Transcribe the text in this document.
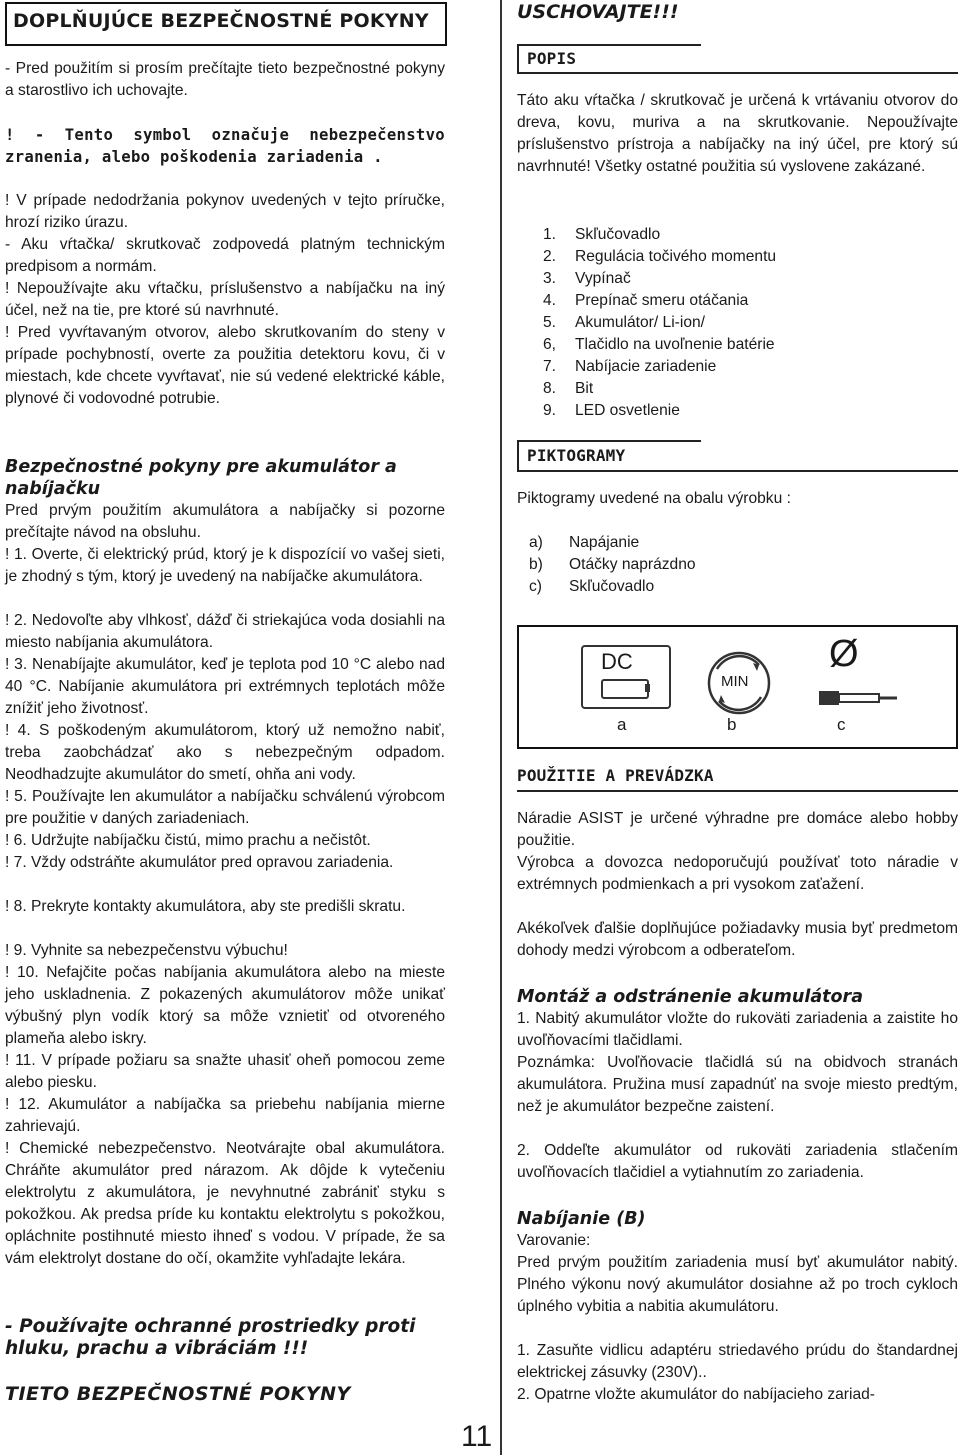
DOPLŇUJÚCE BEZPEČNOSTNÉ POKYNY

- Pred použitím si prosím prečítajte tieto bezpečnostné pokyny a starostlivo ich uchovajte.

! - Tento symbol označuje nebezpečenstvo zranenia, alebo poškodenia zariadenia .

! V prípade nedodržania pokynov uvedených v tejto príručke, hrozí riziko úrazu.

- Aku vŕtačka/ skrutkovač zodpovedá platným technickým predpisom a normám.

! Nepoužívajte aku vŕtačku, príslušenstvo a nabíjačku na iný účel, než na tie, pre ktoré sú navrhnuté.

! Pred vyvŕtavaným otvorov, alebo skrutkovaním do steny v prípade pochybností, overte za použitia detektoru kovu, či v miestach, kde chcete vyvŕtavať, nie sú vedené elektrické káble, plynové či vodovodné potrubie.

Bezpečnostné pokyny pre akumulátor a nabíjačku

Pred prvým použitím akumulátora a nabíjačky si pozorne prečítajte návod na obsluhu.

! 1. Overte, či elektrický prúd, ktorý je k dispozícií vo vašej sieti, je zhodný s tým, ktorý je uvedený na nabíjačke akumulátora.

! 2. Nedovoľte aby vlhkosť, dážď či striekajúca voda dosiahli na miesto nabíjania akumulátora.

! 3. Nenabíjajte akumulátor, keď je teplota pod 10 °C alebo nad 40 °C. Nabíjanie akumulátora pri extrémnych teplotách môže znížiť jeho životnosť.

! 4. S poškodeným akumulátorom, ktorý už nemožno nabiť, treba zaobchádzať ako s nebezpečným odpadom. Neodhadzujte akumulátor do smetí, ohňa ani vody.

! 5. Používajte len akumulátor a nabíjačku schválenú výrobcom pre použitie v daných zariadeniach.

! 6. Udržujte nabíjačku čistú, mimo prachu a nečistôt.

! 7. Vždy odstráňte akumulátor pred opravou zariadenia.

! 8. Prekryte kontakty akumulátora, aby ste predišli skratu.

! 9. Vyhnite sa nebezpečenstvu výbuchu!

! 10. Nefajčite počas nabíjania akumulátora alebo na mieste jeho uskladnenia. Z pokazených akumulátorov môže unikať výbušný plyn vodík ktorý sa môže vznietiť od otvoreného plameňa alebo iskry.

! 11. V prípade požiaru sa snažte uhasiť oheň pomocou zeme alebo piesku.

! 12. Akumulátor a nabíjačka sa priebehu nabíjania mierne zahrievajú.

! Chemické nebezpečenstvo. Neotvárajte obal akumulátora. Chráňte akumulátor pred nárazom. Ak dôjde k vytečeniu elektrolytu z akumulátora, je nevyhnutné zabrániť styku s pokožkou. Ak predsa príde ku kontaktu elektrolytu s pokožkou, opláchnite postihnuté miesto ihneď s vodou. V prípade, že sa vám elektrolyt dostane do očí, okamžite vyhľadajte lekára.

- Používajte ochranné prostriedky proti hluku, prachu a vibráciám !!!

TIETO BEZPEČNOSTNÉ POKYNY

11

USCHOVAJTE!!!

POPIS

Táto aku vŕtačka / skrutkovač je určená k vrtávaniu otvorov do dreva, kovu, muriva a na skrutkovanie. Nepoužívajte príslušenstvo prístroja a nabíjačky na iný účel, pre ktorý sú navrhnuté! Všetky ostatné použitia sú vyslovene zakázané.

1. Skľučovadlo
2. Regulácia točivého momentu
3. Vypínač
4. Prepínač smeru otáčania
5. Akumulátor/ Li-ion/
6, Tlačidlo na uvoľnenie batérie
7. Nabíjacie zariadenie
8. Bit
9. LED osvetlenie
PIKTOGRAMY

Piktogramy uvedené na obalu výrobku :

a) Napájanie
b) Otáčky naprázdno
c) Skľučovadlo
DC
MIN
Ø
a	b	c

POUŽITIE A PREVÁDZKA

Náradie ASIST je určené výhradne pre domáce alebo hobby použitie.

Výrobca a dovozca nedoporučujú používať toto náradie v extrémnych podmienkach a pri vysokom zaťažení.

Akékoľvek ďalšie doplňujúce požiadavky musia byť predmetom dohody medzi výrobcom a odberateľom.

Montáž a odstránenie akumulátora

1. Nabitý akumulátor vložte do rukoväti zariadenia a zaistite ho uvoľňovacími tlačidlami.

Poznámka: Uvoľňovacie tlačidlá sú na obidvoch stranách akumulátora. Pružina musí zapadnúť na svoje miesto predtým, než je akumulátor bezpečne zaistení.

2. Oddeľte akumulátor od rukoväti zariadenia stlačením uvoľňovacích tlačidiel a vytiahnutím zo zariadenia.

Nabíjanie (B)

Varovanie:

Pred prvým použitím zariadenia musí byť akumulátor nabitý. Plného výkonu nový akumulátor dosiahne až po troch cykloch úplného vybitia a nabitia akumulátoru.

1. Zasuňte vidlicu adaptéru striedavého prúdu do štandardnej elektrickej zásuvky (230V)..

2. Opatrne vložte akumulátor do nabíjacieho zariad-
